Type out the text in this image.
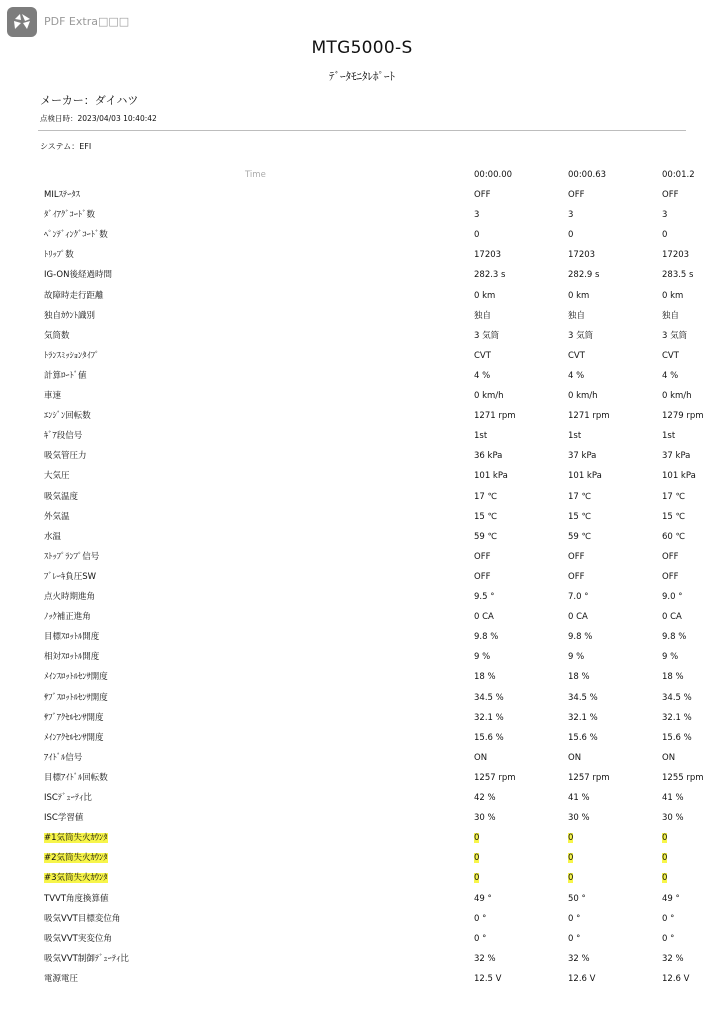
PDF Extra□□□
MTG5000-S
ﾃﾞｰﾀﾓﾆﾀﾚﾎﾟｰﾄ
メーカー：ダイハツ
点検日時：2023/04/03 10:40:42
システム：EFI
Time	00:00.00	00:00.63	00:01.2
MILｽﾃｰﾀｽ	OFF	OFF	OFF
ﾀﾞｲｱｸﾞｺｰﾄﾞ数	3	3	3
ﾍﾟﾝﾃﾞｨﾝｸﾞｺｰﾄﾞ数	0	0	0
ﾄﾘｯﾌﾟ数	17203	17203	17203
IG-ON後経過時間	282.3 s	282.9 s	283.5 s
故障時走行距離	0 km	0 km	0 km
独自ｶｳﾝﾄ識別	独自	独自	独自
気筒数	3 気筒	3 気筒	3 気筒
ﾄﾗﾝｽﾐｯｼｮﾝﾀｲﾌﾟ	CVT	CVT	CVT
計算ﾛｰﾄﾞ値	4 %	4 %	4 %
車速	0 km/h	0 km/h	0 km/h
ｴﾝｼﾞﾝ回転数	1271 rpm	1271 rpm	1279 rpm
ｷﾞｱ段信号	1st	1st	1st
吸気管圧力	36 kPa	37 kPa	37 kPa
大気圧	101 kPa	101 kPa	101 kPa
吸気温度	17 ℃	17 ℃	17 ℃
外気温	15 ℃	15 ℃	15 ℃
水温	59 ℃	59 ℃	60 ℃
ｽﾄｯﾌﾟﾗﾝﾌﾟ信号	OFF	OFF	OFF
ﾌﾞﾚｰｷ負圧SW	OFF	OFF	OFF
点火時期進角	9.5 °	7.0 °	9.0 °
ﾉｯｸ補正進角	0 CA	0 CA	0 CA
目標ｽﾛｯﾄﾙ開度	9.8 %	9.8 %	9.8 %
相対ｽﾛｯﾄﾙ開度	9 %	9 %	9 %
ﾒｲﾝｽﾛｯﾄﾙｾﾝｻ開度	18 %	18 %	18 %
ｻﾌﾞｽﾛｯﾄﾙｾﾝｻ開度	34.5 %	34.5 %	34.5 %
ｻﾌﾞｱｸｾﾙｾﾝｻ開度	32.1 %	32.1 %	32.1 %
ﾒｲﾝｱｸｾﾙｾﾝｻ開度	15.6 %	15.6 %	15.6 %
ｱｲﾄﾞﾙ信号	ON	ON	ON
目標ｱｲﾄﾞﾙ回転数	1257 rpm	1257 rpm	1255 rpm
ISCﾃﾞｭｰﾃｨ比	42 %	41 %	41 %
ISC学習値	30 %	30 %	30 %
#1気筒失火ｶｳﾝﾀ	0	0	0
#2気筒失火ｶｳﾝﾀ	0	0	0
#3気筒失火ｶｳﾝﾀ	0	0	0
TVVT角度換算値	49 °	50 °	49 °
吸気VVT目標変位角	0 °	0 °	0 °
吸気VVT実変位角	0 °	0 °	0 °
吸気VVT制御ﾃﾞｭｰﾃｨ比	32 %	32 %	32 %
電源電圧	12.5 V	12.6 V	12.6 V
